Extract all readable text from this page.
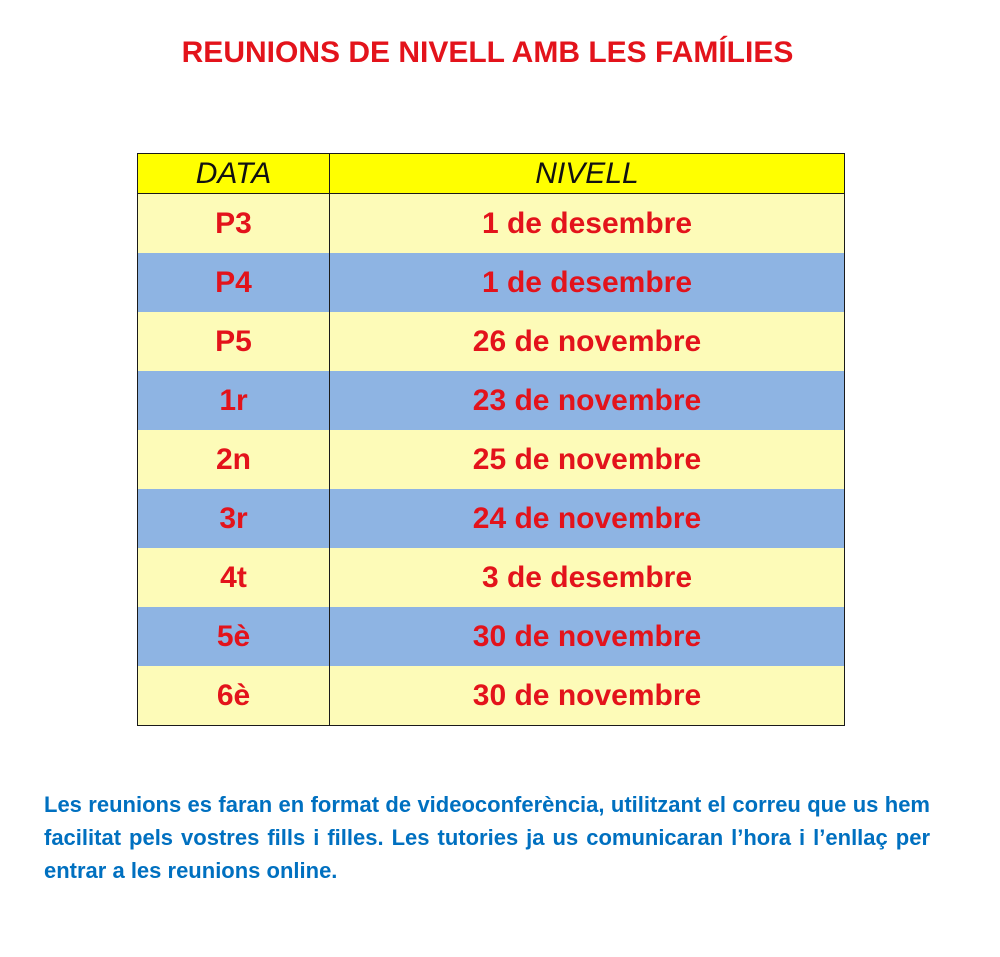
REUNIONS DE NIVELL AMB LES FAMÍLIES
DATA	NIVELL
P3	1 de desembre
P4	1 de desembre
P5	26 de novembre
1r	23 de novembre
2n	25 de novembre
3r	24 de novembre
4t	3 de desembre
5è	30 de novembre
6è	30 de novembre

Les reunions es faran en format de videoconferència, utilitzant el correu que us hem facilitat pels vostres fills i filles. Les tutories ja us comunicaran l’hora i l’enllaç per entrar a les reunions online.
